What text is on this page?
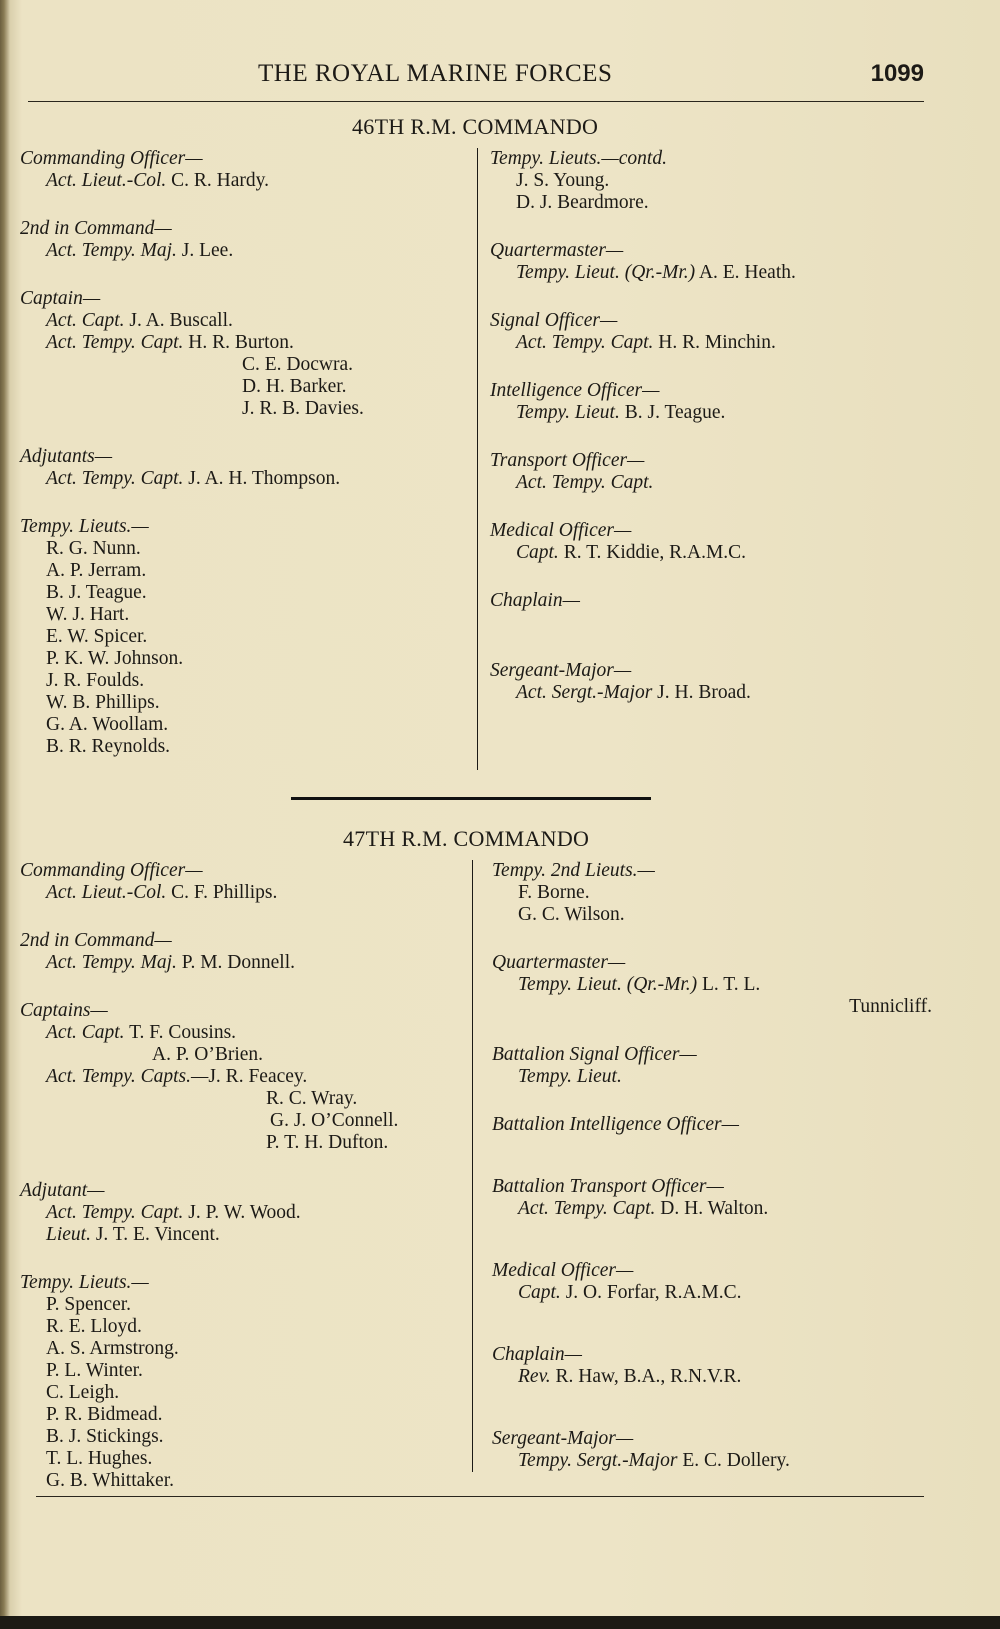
THE ROYAL MARINE FORCES	1099
46TH R.M. COMMANDO
Commanding Officer—
Act. Lieut.-Col. C. R. Hardy.
2nd in Command—
Act. Tempy. Maj. J. Lee.
Captain—
Act. Capt. J. A. Buscall.
Act. Tempy. Capt. H. R. Burton.
C. E. Docwra.
D. H. Barker.
J. R. B. Davies.
Adjutants—
Act. Tempy. Capt. J. A. H. Thompson.
Tempy. Lieuts.—
R. G. Nunn.
A. P. Jerram.
B. J. Teague.
W. J. Hart.
E. W. Spicer.
P. K. W. Johnson.
J. R. Foulds.
W. B. Phillips.
G. A. Woollam.
B. R. Reynolds.
Tempy. Lieuts.—contd.
J. S. Young.
D. J. Beardmore.
Quartermaster—
Tempy. Lieut. (Qr.-Mr.) A. E. Heath.
Signal Officer—
Act. Tempy. Capt. H. R. Minchin.
Intelligence Officer—
Tempy. Lieut. B. J. Teague.
Transport Officer—
Act. Tempy. Capt.
Medical Officer—
Capt. R. T. Kiddie, R.A.M.C.
Chaplain—
Sergeant-Major—
Act. Sergt.-Major J. H. Broad.
47TH R.M. COMMANDO
Commanding Officer—
Act. Lieut.-Col. C. F. Phillips.
2nd in Command—
Act. Tempy. Maj. P. M. Donnell.
Captains—
Act. Capt. T. F. Cousins.
A. P. O’Brien.
Act. Tempy. Capts.—J. R. Feacey.
R. C. Wray.
G. J. O’Connell.
P. T. H. Dufton.
Adjutant—
Act. Tempy. Capt. J. P. W. Wood.
Lieut. J. T. E. Vincent.
Tempy. Lieuts.—
P. Spencer.
R. E. Lloyd.
A. S. Armstrong.
P. L. Winter.
C. Leigh.
P. R. Bidmead.
B. J. Stickings.
T. L. Hughes.
G. B. Whittaker.
Tempy. 2nd Lieuts.—
F. Borne.
G. C. Wilson.
Quartermaster—
Tempy. Lieut. (Qr.-Mr.) L. T. L.
Tunnicliff.
Battalion Signal Officer—
Tempy. Lieut.
Battalion Intelligence Officer—
Battalion Transport Officer—
Act. Tempy. Capt. D. H. Walton.
Medical Officer—
Capt. J. O. Forfar, R.A.M.C.
Chaplain—
Rev. R. Haw, B.A., R.N.V.R.
Sergeant-Major—
Tempy. Sergt.-Major E. C. Dollery.
